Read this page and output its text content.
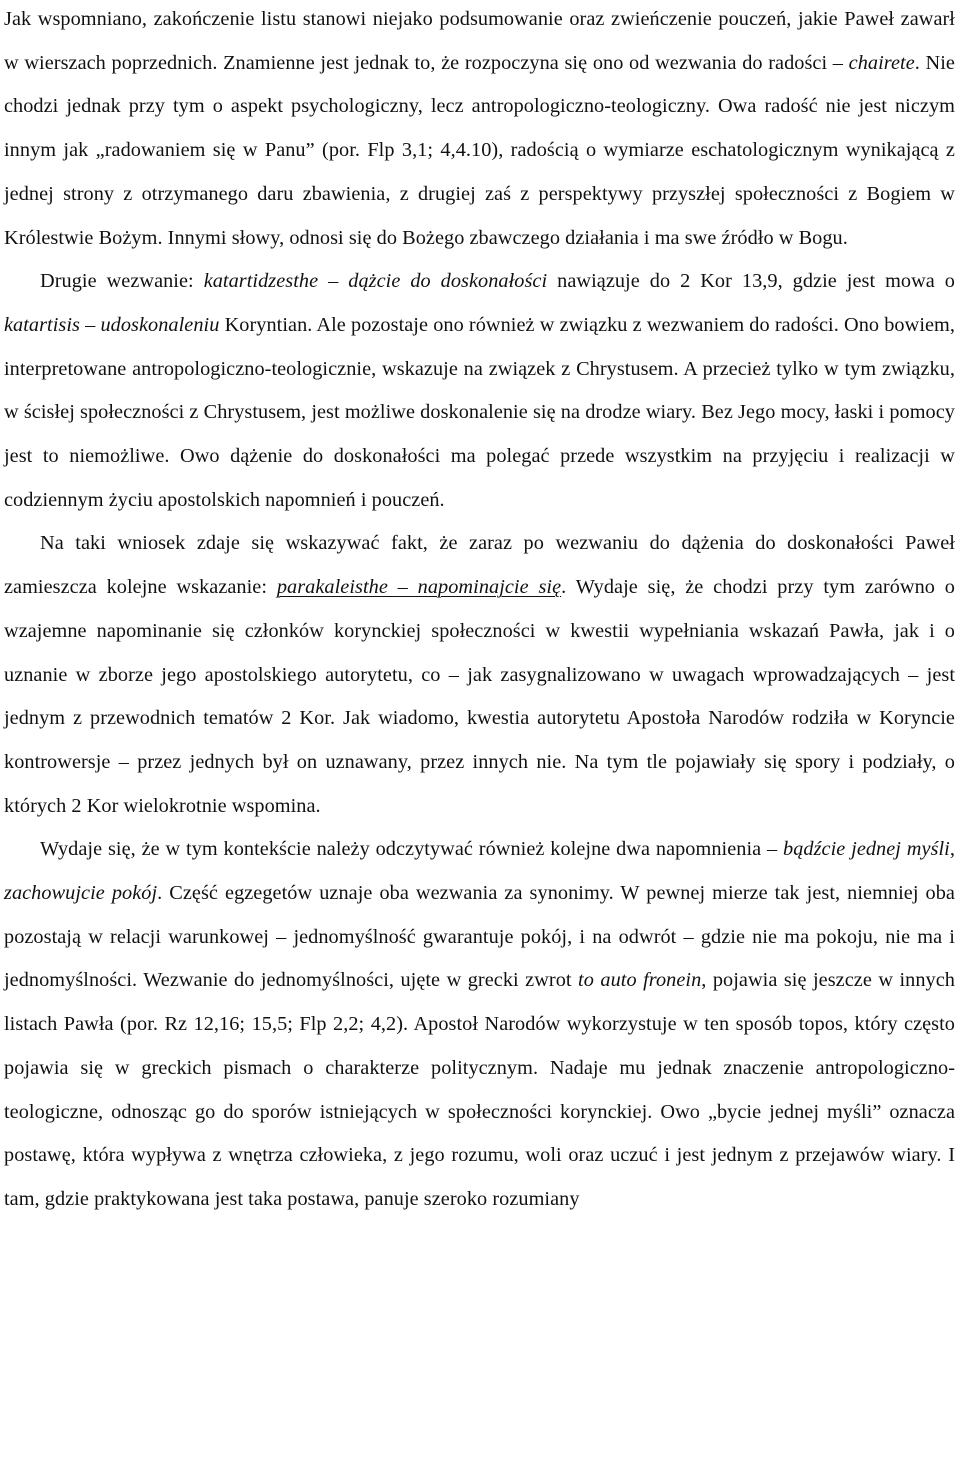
Jak wspomniano, zakończenie listu stanowi niejako podsumowanie oraz zwieńczenie pouczeń, jakie Paweł zawarł w wierszach poprzednich. Znamienne jest jednak to, że rozpoczyna się ono od wezwania do radości – chairete. Nie chodzi jednak przy tym o aspekt psychologiczny, lecz antropologiczno-teologiczny. Owa radość nie jest niczym innym jak „radowaniem się w Panu” (por. Flp 3,1; 4,4.10), radością o wymiarze eschatologicznym wynikającą z jednej strony z otrzymanego daru zbawienia, z drugiej zaś z perspektywy przyszłej społeczności z Bogiem w Królestwie Bożym. Innymi słowy, odnosi się do Bożego zbawczego działania i ma swe źródło w Bogu.

Drugie wezwanie: katartidzesthe – dążcie do doskonałości nawiązuje do 2 Kor 13,9, gdzie jest mowa o katartisis – udoskonaleniu Koryntian. Ale pozostaje ono również w związku z wezwaniem do radości. Ono bowiem, interpretowane antropologiczno-teologicznie, wskazuje na związek z Chrystusem. A przecież tylko w tym związku, w ścisłej społeczności z Chrystusem, jest możliwe doskonalenie się na drodze wiary. Bez Jego mocy, łaski i pomocy jest to niemożliwe. Owo dążenie do doskonałości ma polegać przede wszystkim na przyjęciu i realizacji w codziennym życiu apostolskich napomnień i pouczeń.

Na taki wniosek zdaje się wskazywać fakt, że zaraz po wezwaniu do dążenia do doskonałości Paweł zamieszcza kolejne wskazanie: parakaleisthe – napominajcie się. Wydaje się, że chodzi przy tym zarówno o wzajemne napominanie się członków korynckiej społeczności w kwestii wypełniania wskazań Pawła, jak i o uznanie w zborze jego apostolskiego autorytetu, co – jak zasygnalizowano w uwagach wprowadzających – jest jednym z przewodnich tematów 2 Kor. Jak wiadomo, kwestia autorytetu Apostoła Narodów rodziła w Koryncie kontrowersje – przez jednych był on uznawany, przez innych nie. Na tym tle pojawiały się spory i podziały, o których 2 Kor wielokrotnie wspomina.

Wydaje się, że w tym kontekście należy odczytywać również kolejne dwa napomnienia – bądźcie jednej myśli, zachowujcie pokój. Część egzegetów uznaje oba wezwania za synonimy. W pewnej mierze tak jest, niemniej oba pozostają w relacji warunkowej – jednomyślność gwarantuje pokój, i na odwrót – gdzie nie ma pokoju, nie ma i jednomyślności. Wezwanie do jednomyślności, ujęte w grecki zwrot to auto fronein, pojawia się jeszcze w innych listach Pawła (por. Rz 12,16; 15,5; Flp 2,2; 4,2). Apostoł Narodów wykorzystuje w ten sposób topos, który często pojawia się w greckich pismach o charakterze politycznym. Nadaje mu jednak znaczenie antropologiczno-teologiczne, odnosząc go do sporów istniejących w społeczności korynckiej. Owo „bycie jednej myśli” oznacza postawę, która wypływa z wnętrza człowieka, z jego rozumu, woli oraz uczuć i jest jednym z przejawów wiary. I tam, gdzie praktykowana jest taka postawa, panuje szeroko rozumiany
